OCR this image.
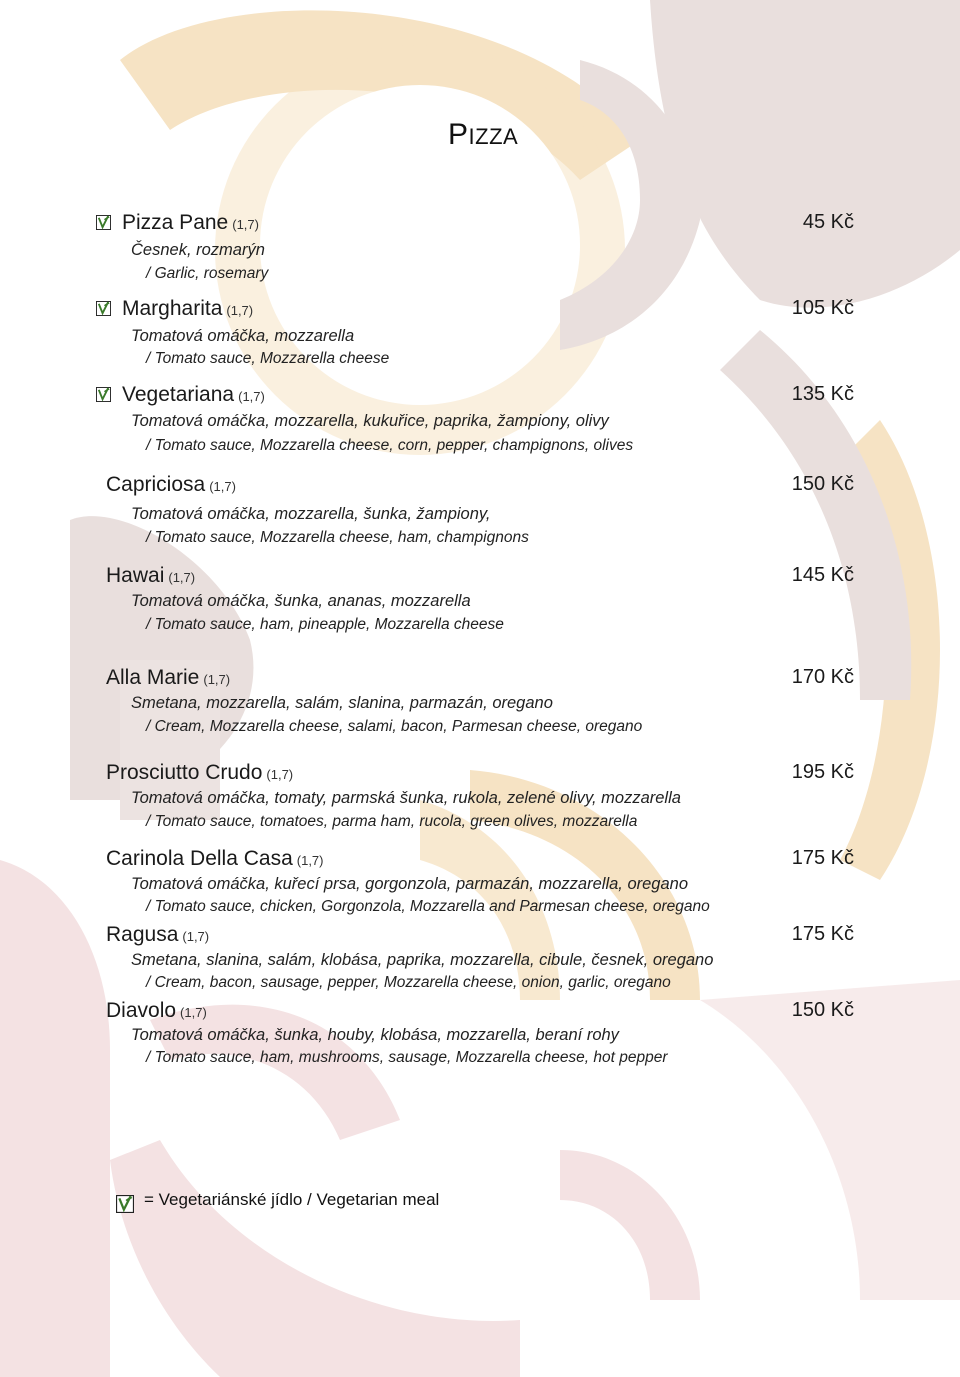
PIZZA
Pizza Pane (1,7)
Česnek, rozmarýn
/ Garlic, rosemary
45 Kč
Margharita (1,7)
Tomatová omáčka, mozzarella
/ Tomato sauce, Mozzarella cheese
105 Kč
Vegetariana (1,7)
Tomatová omáčka, mozzarella, kukuřice, paprika, žampiony, olivy
/ Tomato sauce, Mozzarella cheese, corn, pepper, champignons, olives
135 Kč
Capriciosa (1,7)
Tomatová omáčka, mozzarella, šunka, žampiony,
/ Tomato sauce, Mozzarella cheese, ham, champignons
150 Kč
Hawai (1,7)
Tomatová omáčka, šunka, ananas, mozzarella
/ Tomato sauce, ham, pineapple, Mozzarella cheese
145 Kč
Alla Marie (1,7)
Smetana, mozzarella, salám, slanina, parmazán, oregano
/ Cream, Mozzarella cheese, salami, bacon, Parmesan cheese, oregano
170 Kč
Prosciutto Crudo (1,7)
Tomatová omáčka, tomaty, parmská šunka, rukola, zelené olivy, mozzarella
/ Tomato sauce, tomatoes, parma ham, rucola, green olives, mozzarella
195 Kč
Carinola Della Casa (1,7)
Tomatová omáčka, kuřecí prsa, gorgonzola, parmazán, mozzarella, oregano
/ Tomato sauce, chicken, Gorgonzola, Mozzarella and Parmesan cheese, oregano
175 Kč
Ragusa (1,7)
Smetana, slanina, salám, klobása, paprika, mozzarella, cibule, česnek, oregano
/ Cream, bacon, sausage, pepper, Mozzarella cheese, onion, garlic, oregano
175 Kč
Diavolo (1,7)
Tomatová omáčka, šunka, houby, klobása, mozzarella, beraní rohy
/ Tomato sauce, ham, mushrooms, sausage, Mozzarella cheese, hot pepper
150 Kč
= Vegetariánské jídlo / Vegetarian meal
